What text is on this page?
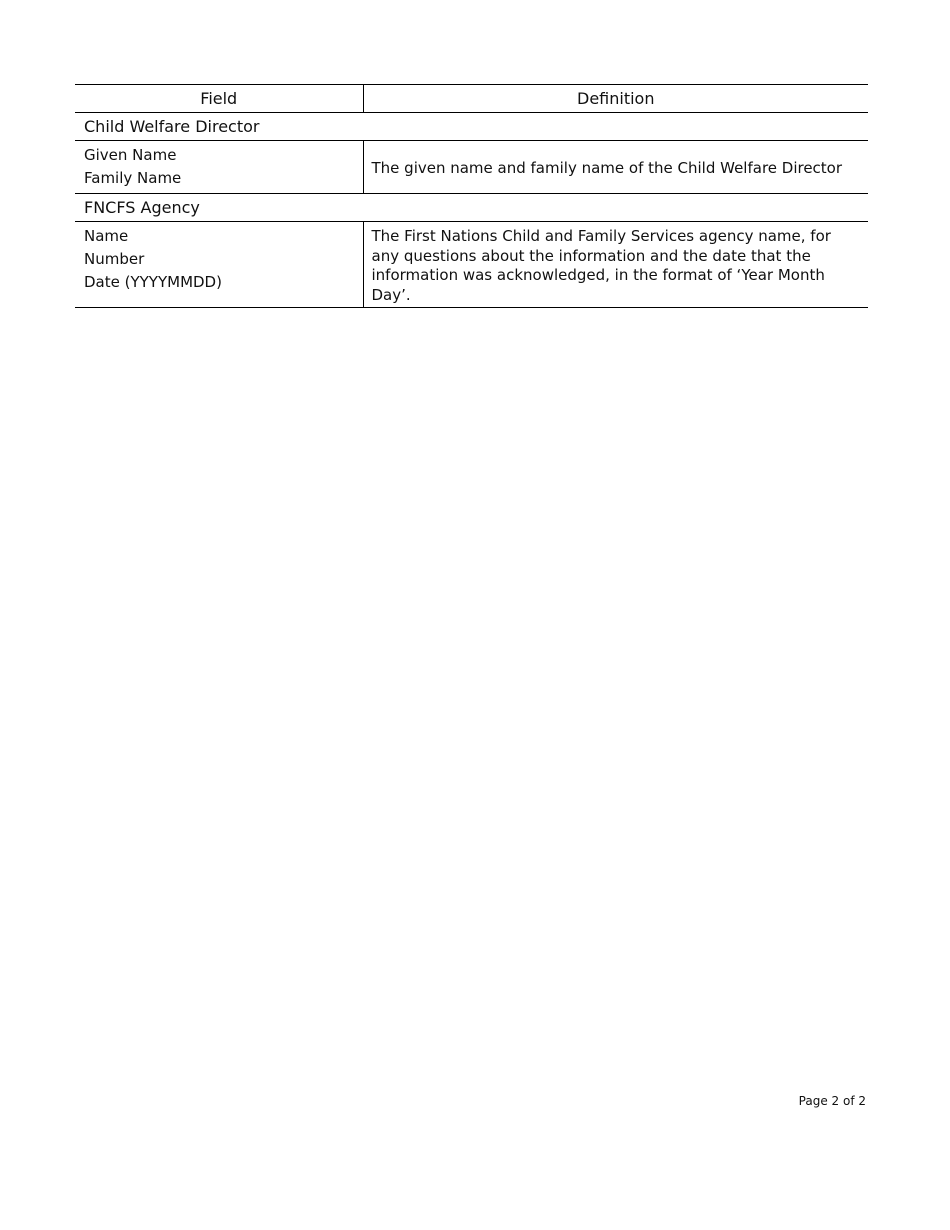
Field	Definition
Child Welfare Director	

Given Name
Family Name	The given name and family name of the Child Welfare Director
FNCFS Agency	

Name
Number
Date (YYYYMMDD)	The First Nations Child and Family Services agency name, for any questions about the information and the date that the information was acknowledged, in the format of ‘Year Month Day’.
Page 2 of 2
